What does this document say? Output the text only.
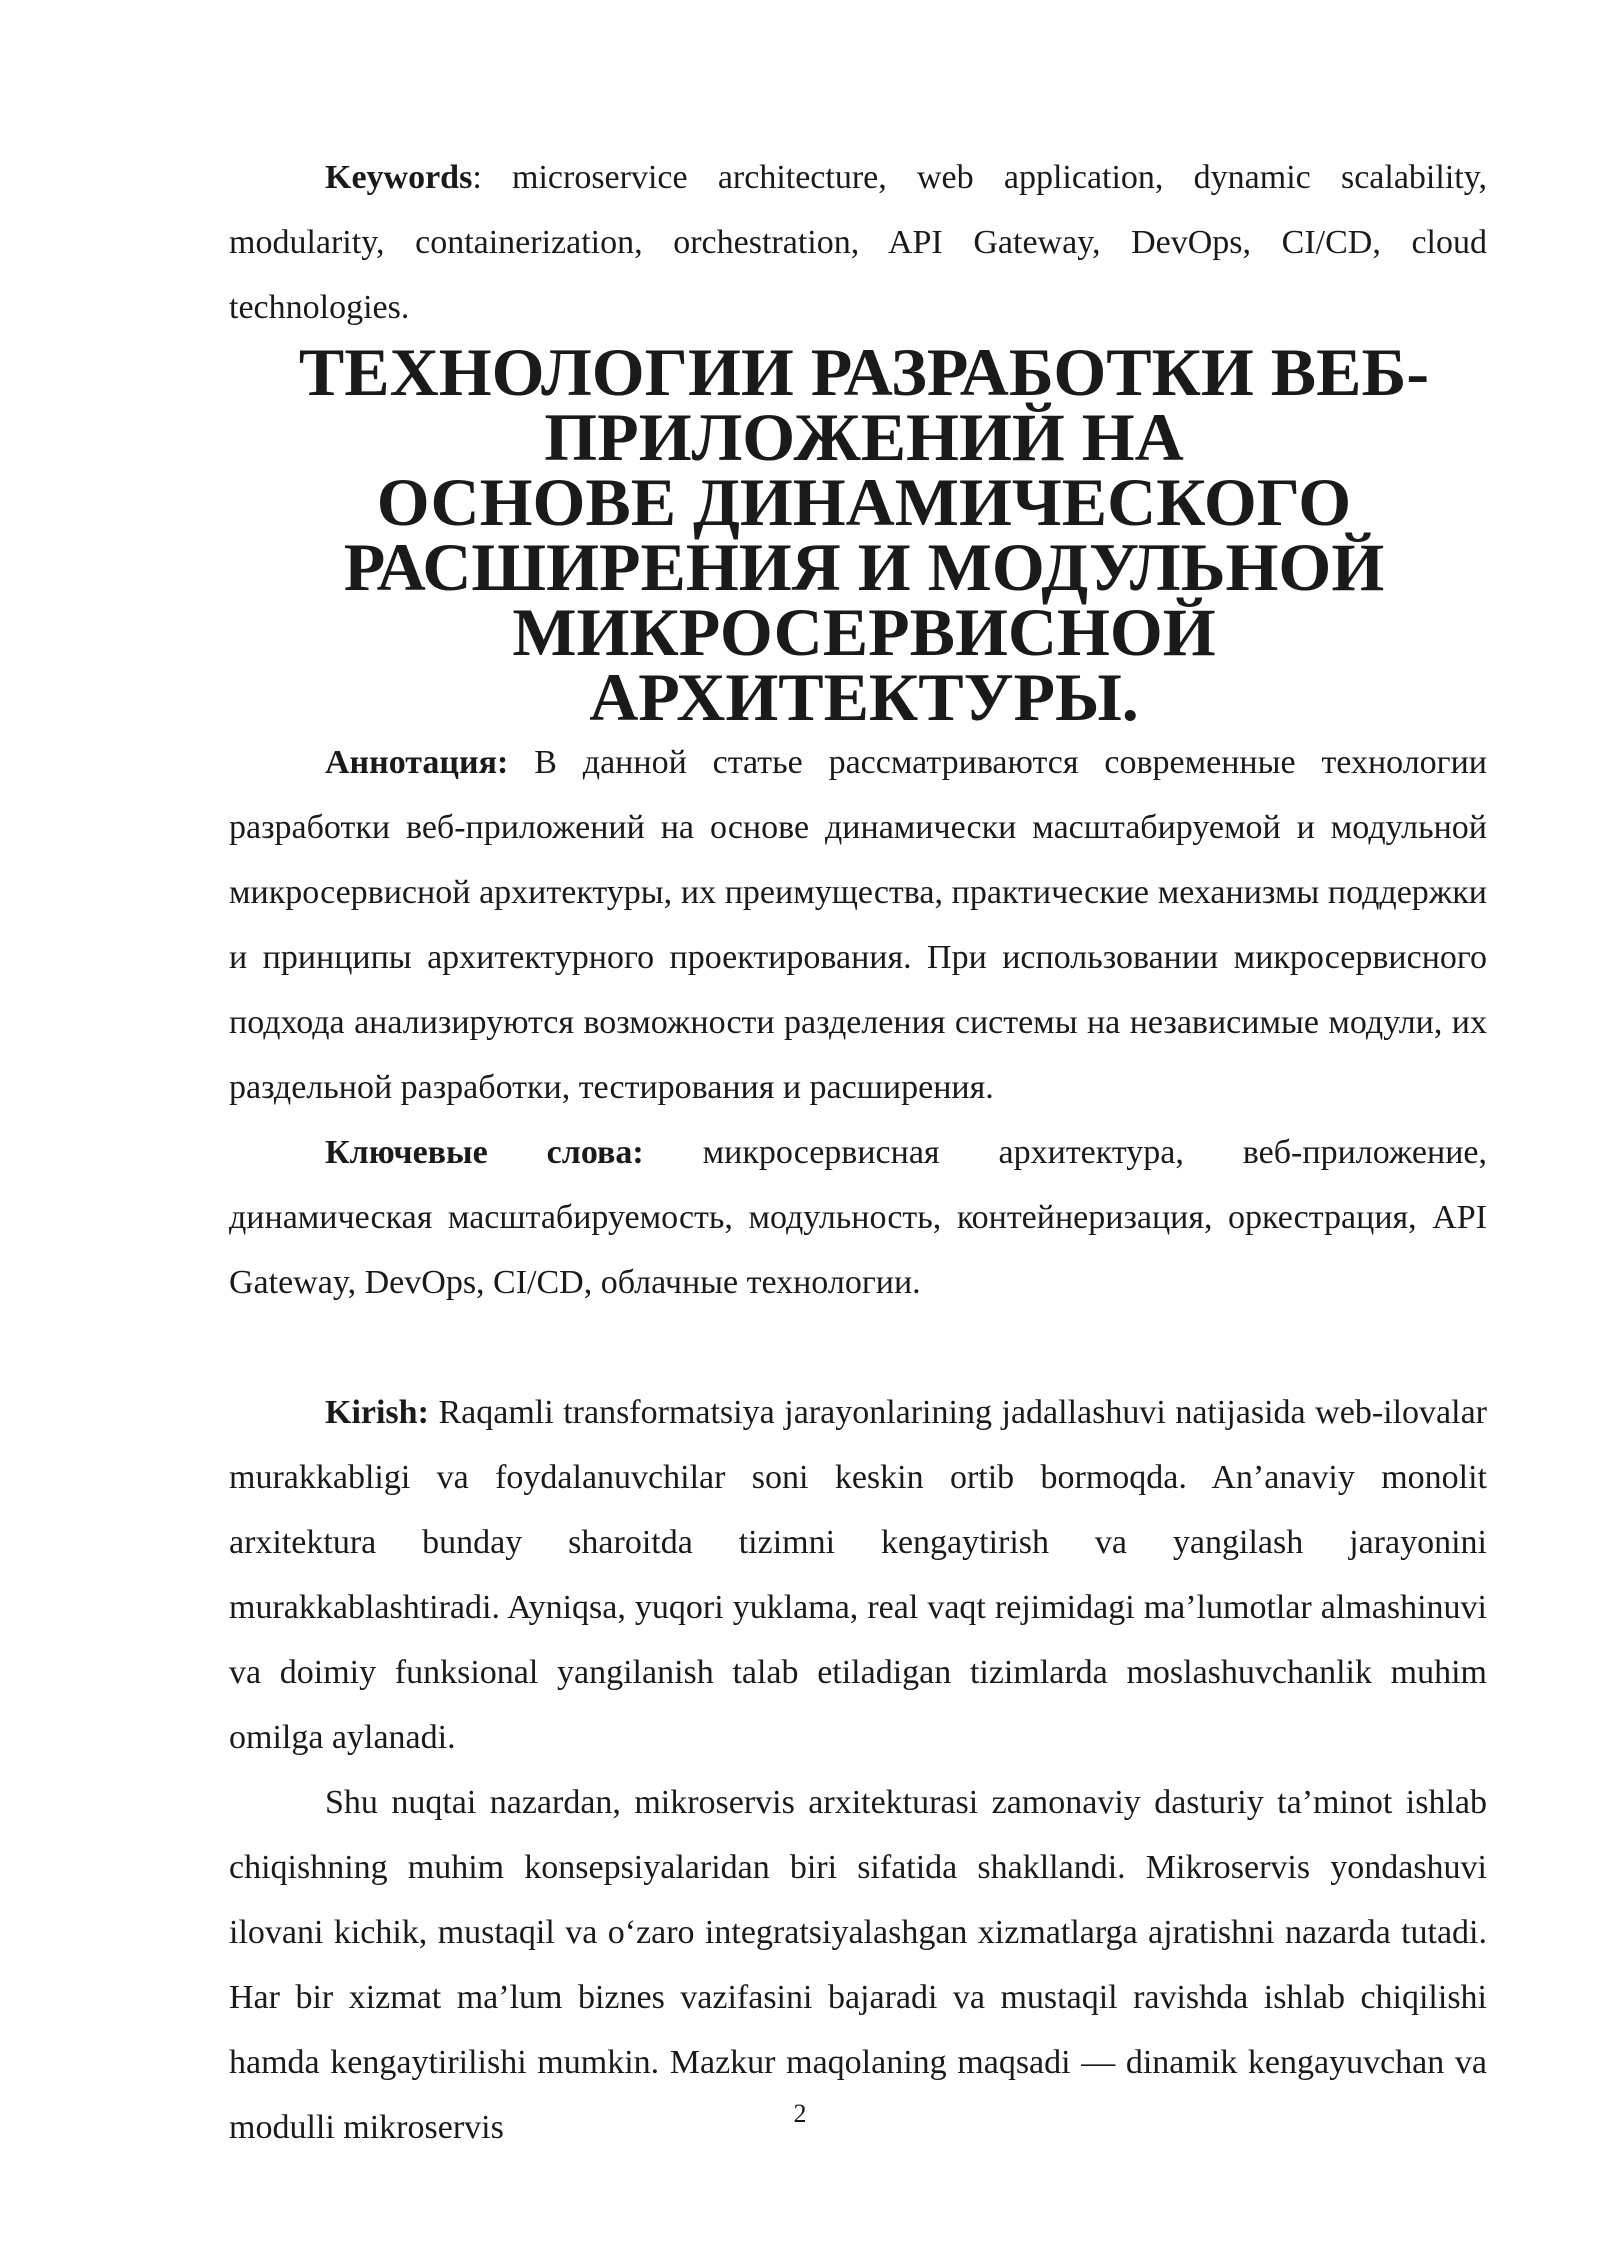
Keywords: microservice architecture, web application, dynamic scalability, modularity, containerization, orchestration, API Gateway, DevOps, CI/CD, cloud technologies.

ТЕХНОЛОГИИ РАЗРАБОТКИ ВЕБ-ПРИЛОЖЕНИЙ НА
ОСНОВЕ ДИНАМИЧЕСКОГО РАСШИРЕНИЯ И МОДУЛЬНОЙ
МИКРОСЕРВИСНОЙ АРХИТЕКТУРЫ.

Аннотация: В данной статье рассматриваются современные технологии разработки веб-приложений на основе динамически масштабируемой и модульной микросервисной архитектуры, их преимущества, практические механизмы поддержки и принципы архитектурного проектирования. При использовании микросервисного подхода анализируются возможности разделения системы на независимые модули, их раздельной разработки, тестирования и расширения.

Ключевые слова: микросервисная архитектура, веб-приложение, динамическая масштабируемость, модульность, контейнеризация, оркестрация, API Gateway, DevOps, CI/CD, облачные технологии.

Kirish: Raqamli transformatsiya jarayonlarining jadallashuvi natijasida web-ilovalar murakkabligi va foydalanuvchilar soni keskin ortib bormoqda. An’anaviy monolit arxitektura bunday sharoitda tizimni kengaytirish va yangilash jarayonini murakkablashtiradi. Ayniqsa, yuqori yuklama, real vaqt rejimidagi ma’lumotlar almashinuvi va doimiy funksional yangilanish talab etiladigan tizimlarda moslashuvchanlik muhim omilga aylanadi.

Shu nuqtai nazardan, mikroservis arxitekturasi zamonaviy dasturiy ta’minot ishlab chiqishning muhim konsepsiyalaridan biri sifatida shakllandi. Mikroservis yondashuvi ilovani kichik, mustaqil va o‘zaro integratsiyalashgan xizmatlarga ajratishni nazarda tutadi. Har bir xizmat ma’lum biznes vazifasini bajaradi va mustaqil ravishda ishlab chiqilishi hamda kengaytirilishi mumkin. Mazkur maqolaning maqsadi — dinamik kengayuvchan va modulli mikroservis	2
